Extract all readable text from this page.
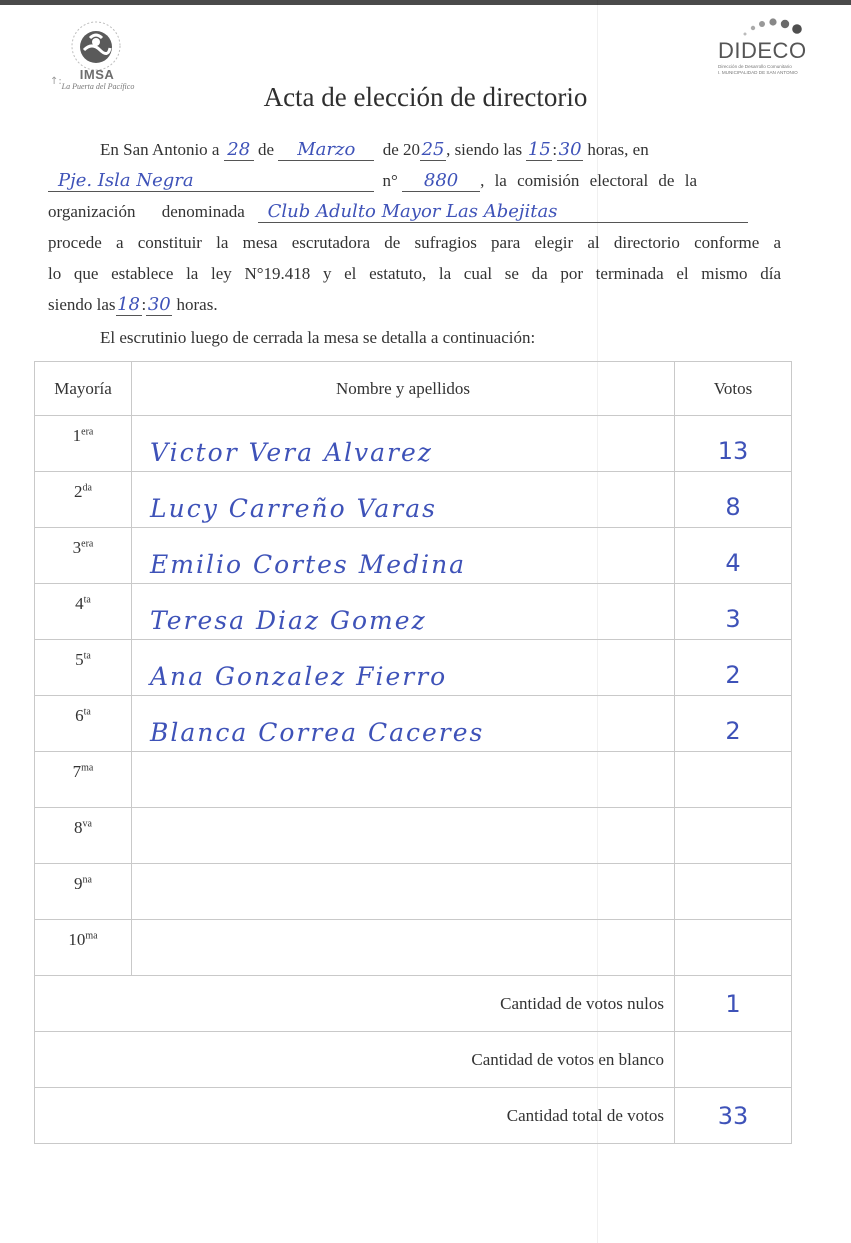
↑:	IMSA
La Puerta del Pacífico
DIDECO
Dirección de Desarrollo Comunitario
I. MUNICIPALIDAD DE SAN ANTONIO
Acta de elección de directorio
En San Antonio a 28 de Marzo de 2025, siendo las 15:30 horas, en
Pje. Isla Negra	n° 880 , la comisión electoral de la
organización denominada Club Adulto Mayor Las Abejitas
procede a constituir la mesa escrutadora de sufragios para elegir al directorio conforme a
lo que establece la ley N°19.418 y el estatuto, la cual se da por terminada el mismo día
siendo las18:30 horas.
El escrutinio luego de cerrada la mesa se detalla a continuación:
Mayoría	Nombre y apellidos	Votos
$1^{era}$	Victor Vera Alvarez	13
$2^{da}$	Lucy Carreño Varas	8
$3^{era}$	Emilio Cortes Medina	4
$4^{ta}$	Teresa Diaz Gomez	3
$5^{ta}$	Ana Gonzalez Fierro	2
$6^{ta}$	Blanca Correa Caceres	2
$7^{ma}$		
$8^{va}$		
$9^{na}$		
$10^{ma}$		
Cantidad de votos nulos		1
Cantidad de votos en blanco		
Cantidad total de votos		33
